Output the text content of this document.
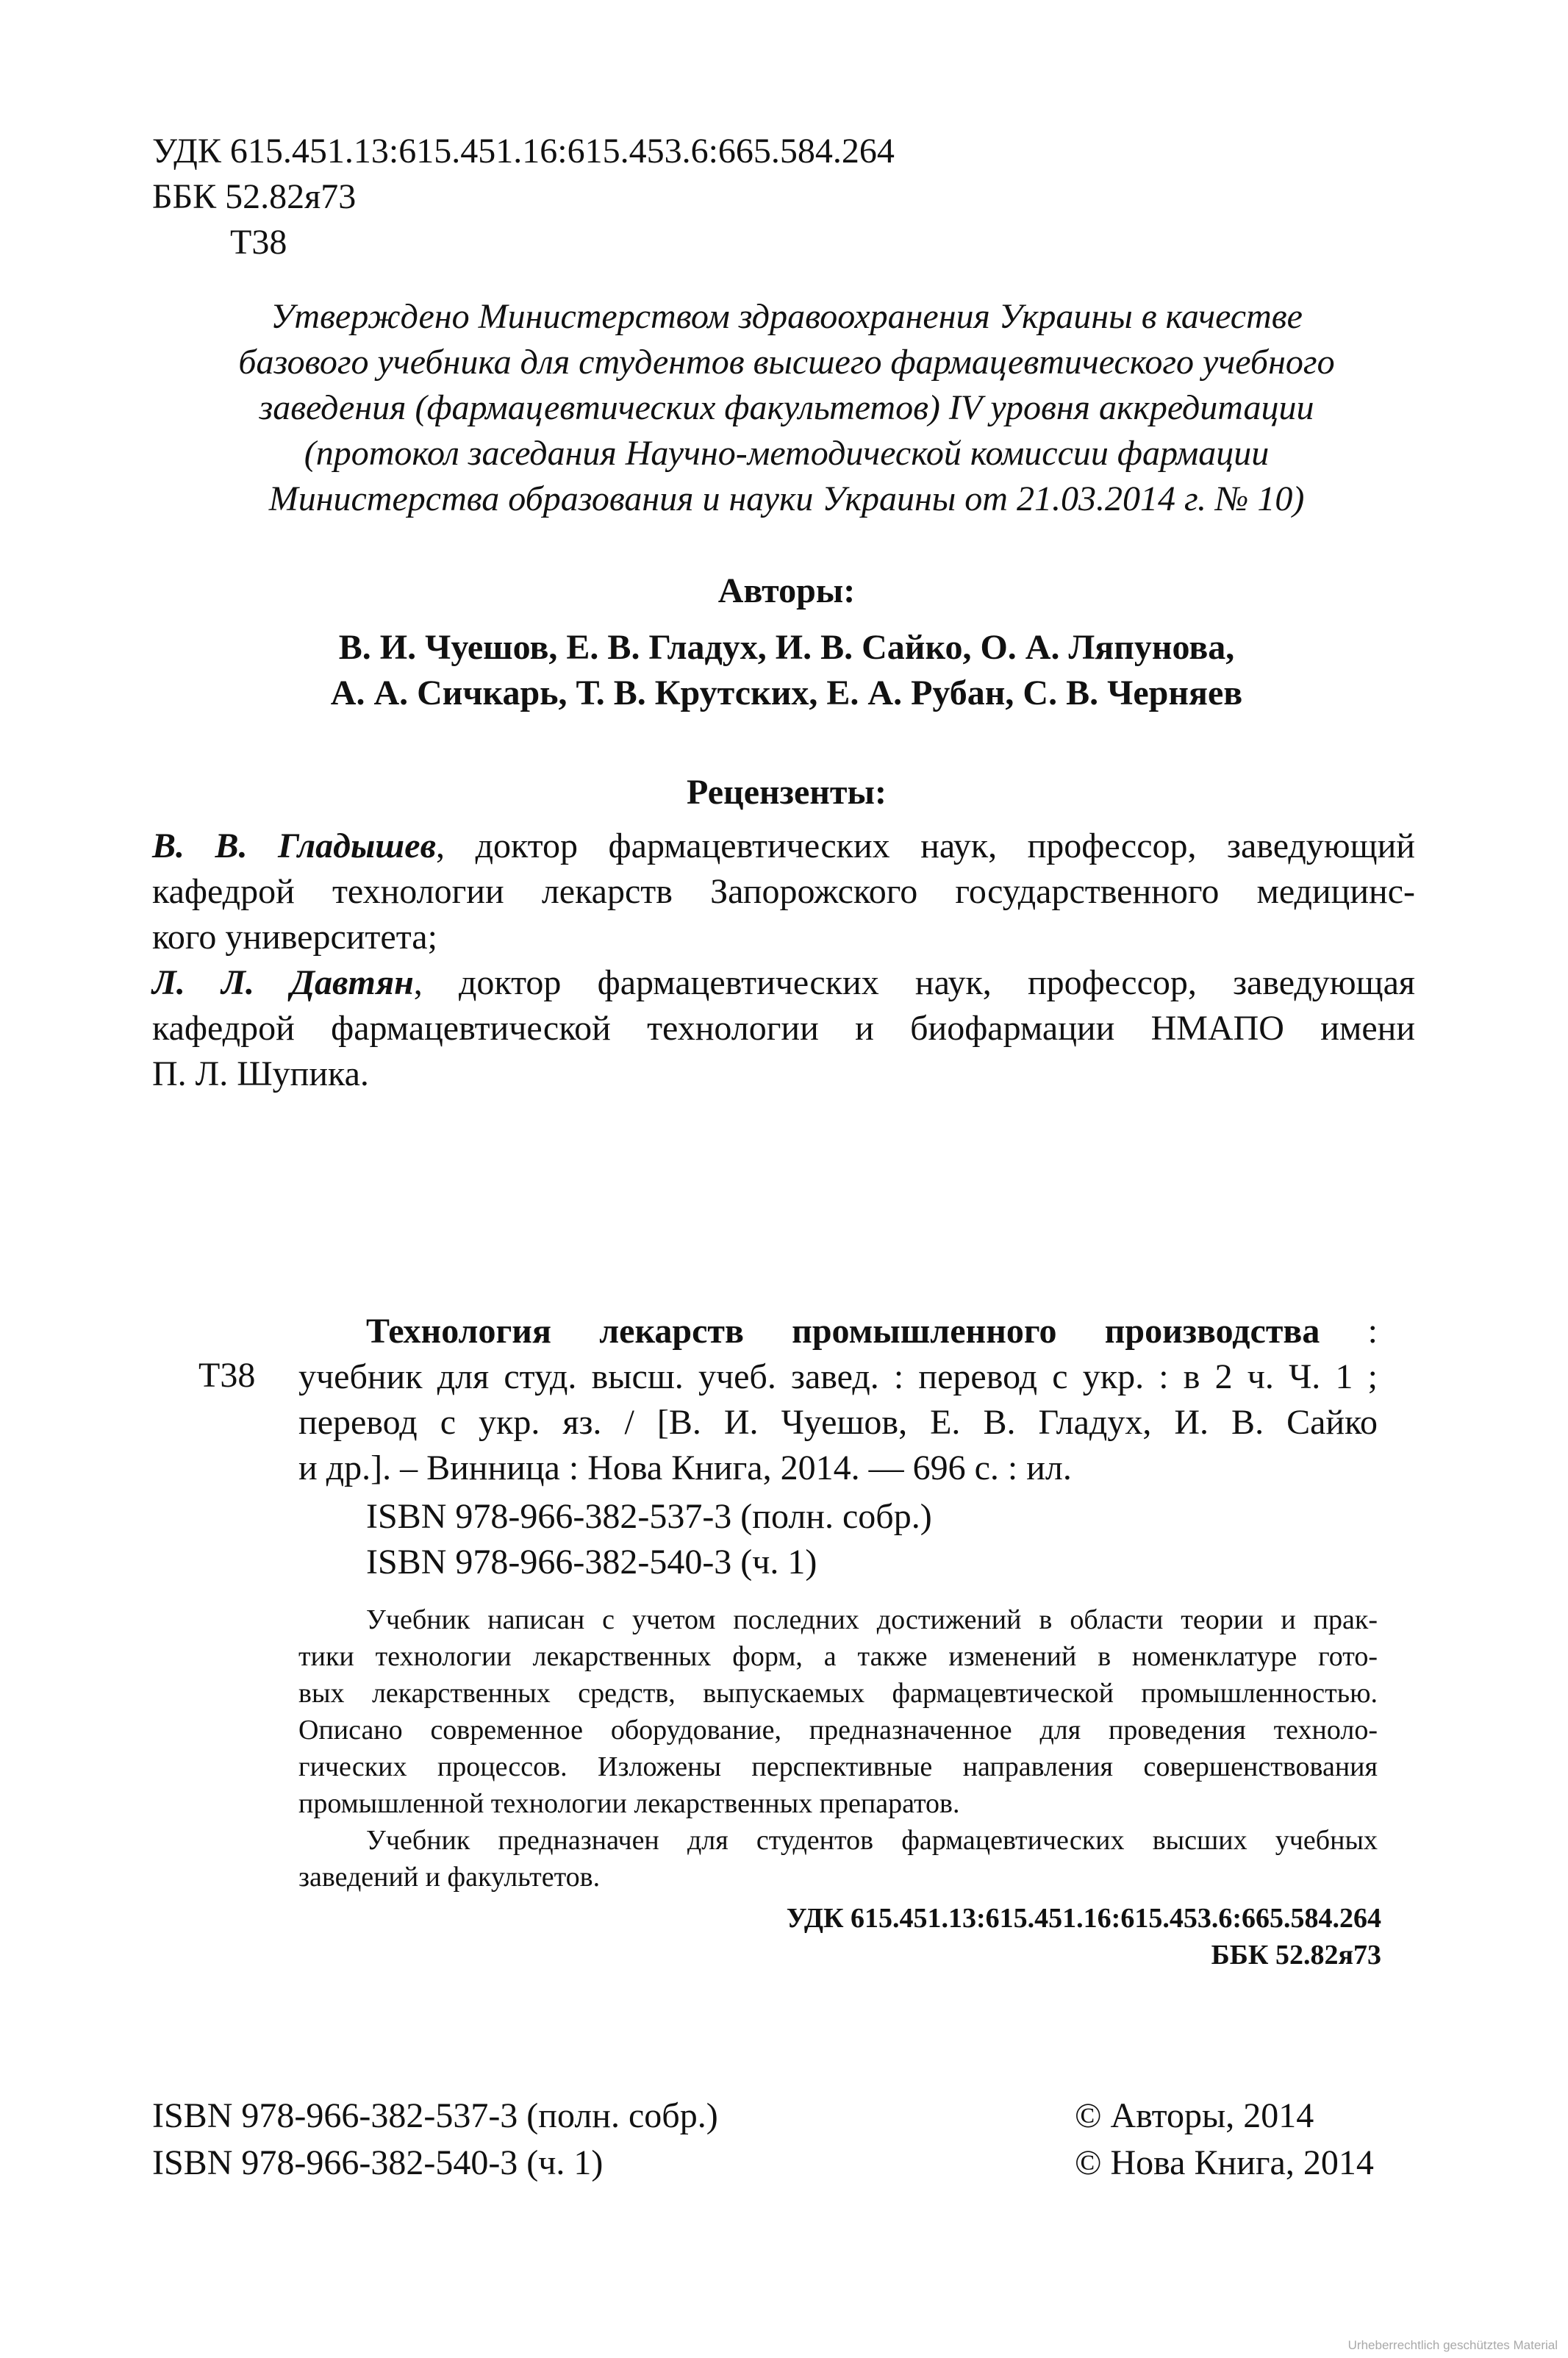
УДК 615.451.13:615.451.16:615.453.6:665.584.264
ББК 52.82я73
Т38
Утверждено Министерством здравоохранения Украины в качестве
базового учебника для студентов высшего фармацевтического учебного
заведения (фармацевтических факультетов) IV уровня аккредитации
(протокол заседания Научно-методической комиссии фармации
Министерства образования и науки Украины от 21.03.2014 г. № 10)
Авторы:
В. И. Чуешов, Е. В. Гладух, И. В. Сайко, О. А. Ляпунова,
А. А. Сичкарь, Т. В. Крутских, Е. А. Рубан, С. В. Черняев
Рецензенты:
В. В. Гладышев, доктор фармацевтических наук, профессор, заведующий
кафедрой технологии лекарств Запорожского государственного медицинс-
кого университета;
Л. Л. Давтян, доктор фармацевтических наук, профессор, заведующая
кафедрой фармацевтической технологии и биофармации НМАПО имени
П. Л. Шупика.
Т38
Технология лекарств промышленного производства :
учебник для студ. высш. учеб. завед. : перевод с укр. : в 2 ч. Ч. 1 ;
перевод с укр. яз. / [В. И. Чуешов, Е. В. Гладух, И. В. Сайко
и др.]. – Винница : Нова Книга, 2014. — 696 с. : ил.
ISBN 978-966-382-537-3 (полн. собр.)
ISBN 978-966-382-540-3 (ч. 1)
Учебник написан с учетом последних достижений в области теории и прак-
тики технологии лекарственных форм, а также изменений в номенклатуре гото-
вых лекарственных средств, выпускаемых фармацевтической промышленностью.
Описано современное оборудование, предназначенное для проведения техноло-
гических процессов. Изложены перспективные направления совершенствования
промышленной технологии лекарственных препаратов.
Учебник предназначен для студентов фармацевтических высших учебных
заведений и факультетов.
УДК 615.451.13:615.451.16:615.453.6:665.584.264
ББК 52.82я73
ISBN 978-966-382-537-3 (полн. собр.)
ISBN 978-966-382-540-3 (ч. 1)
© Авторы, 2014
© Нова Книга, 2014
Urheberrechtlich geschütztes Material
